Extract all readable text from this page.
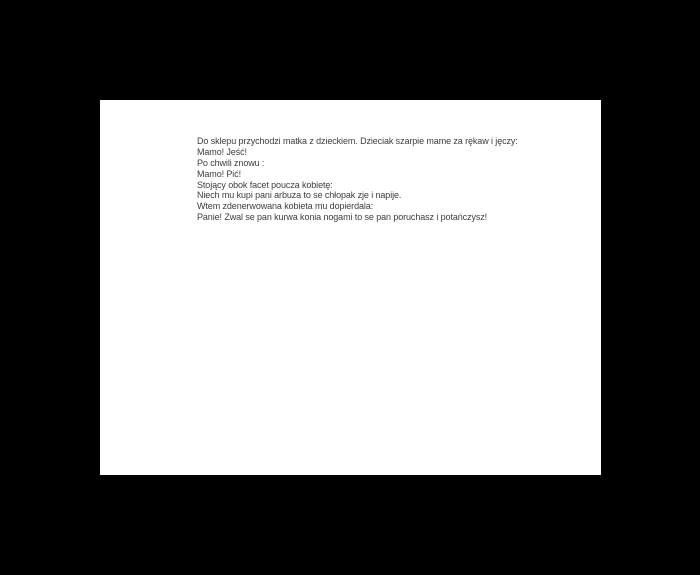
Do sklepu przychodzi matka z dzieckiem. Dzieciak szarpie mame za rękaw i jęczy:
Mamo! Jeść!
Po chwili znowu :
Mamo! Pić!
Stojący obok facet poucza kobietę:
Niech mu kupi pani arbuza to se chłopak zje i napije.
Wtem zdenerwowana kobieta mu dopierdala:
Panie! Zwal se pan kurwa konia nogami to se pan poruchasz i potańczysz!
